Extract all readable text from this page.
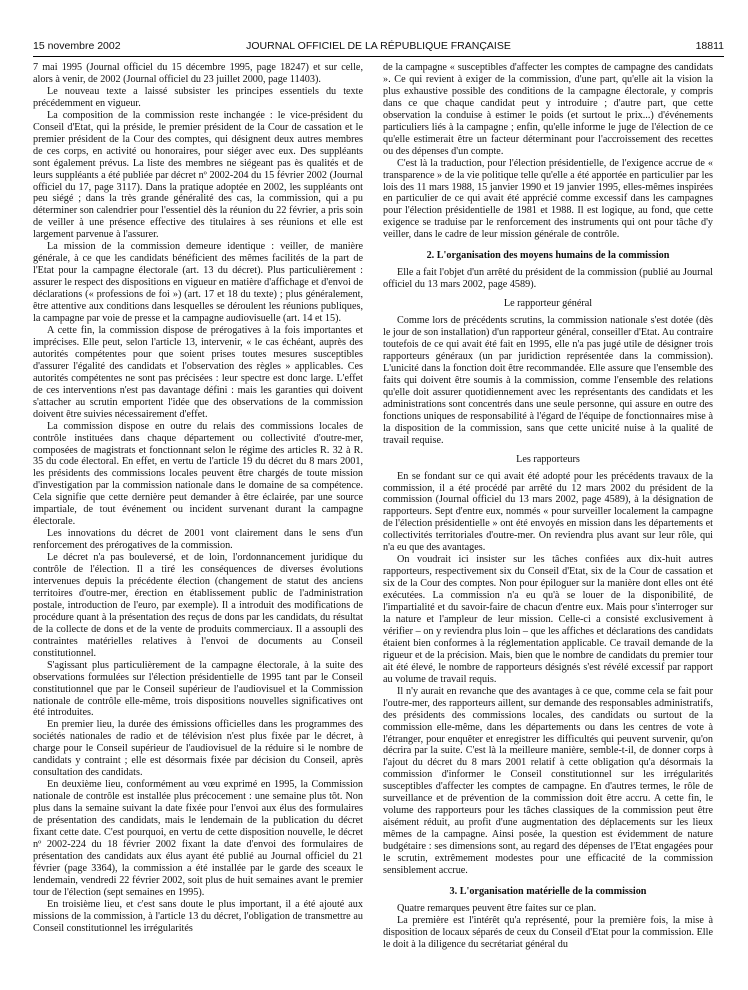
15 novembre 2002	JOURNAL OFFICIEL DE LA RÉPUBLIQUE FRANÇAISE	18811

7 mai 1995 (Journal officiel du 15 décembre 1995, page 18247) et sur celle, alors à venir, de 2002 (Journal officiel du 23 juillet 2000, page 11403).

Le nouveau texte a laissé subsister les principes essentiels du texte précédemment en vigueur.

La composition de la commission reste inchangée : le vice-président du Conseil d'Etat, qui la préside, le premier président de la Cour de cassation et le premier président de la Cour des comptes, qui désignent deux autres membres de ces corps, en activité ou honoraires, pour siéger avec eux. Des suppléants sont également prévus. La liste des membres ne siégeant pas ès qualités et de leurs suppléants a été publiée par décret nº 2002-204 du 15 février 2002 (Journal officiel du 17, page 3117). Dans la pratique adoptée en 2002, les suppléants ont peu siégé ; dans la très grande généralité des cas, la commission, qui a pu déterminer son calendrier pour l'essentiel dès la réunion du 22 février, a pris soin de veiller à une présence effective des titulaires à ses réunions et elle est largement parvenue à l'assurer.

La mission de la commission demeure identique : veiller, de manière générale, à ce que les candidats bénéficient des mêmes facilités de la part de l'Etat pour la campagne électorale (art. 13 du décret). Plus particulièrement : assurer le respect des dispositions en vigueur en matière d'affichage et d'envoi de déclarations (« professions de foi ») (art. 17 et 18 du texte) ; plus généralement, être attentive aux conditions dans lesquelles se déroulent les réunions publiques, la campagne par voie de presse et la campagne audiovisuelle (art. 14 et 15).

A cette fin, la commission dispose de prérogatives à la fois importantes et imprécises. Elle peut, selon l'article 13, intervenir, « le cas échéant, auprès des autorités compétentes pour que soient prises toutes mesures susceptibles d'assurer l'égalité des candidats et l'observation des règles » applicables. Ces autorités compétentes ne sont pas précisées : leur spectre est donc large. L'effet de ces interventions n'est pas davantage défini : mais les garanties qui doivent s'attacher au scrutin emportent l'idée que des observations de la commission doivent être suivies nécessairement d'effet.

La commission dispose en outre du relais des commissions locales de contrôle instituées dans chaque département ou collectivité d'outre-mer, composées de magistrats et fonctionnant selon le régime des articles R. 32 à R. 35 du code électoral. En effet, en vertu de l'article 19 du décret du 8 mars 2001, les présidents des commissions locales peuvent être chargés de toute mission d'investigation par la commission nationale dans le domaine de sa compétence. Cela signifie que cette dernière peut demander à être éclairée, par une source impartiale, de tout événement ou incident survenant durant la campagne électorale.

Les innovations du décret de 2001 vont clairement dans le sens d'un renforcement des prérogatives de la commission.

Le décret n'a pas bouleversé, et de loin, l'ordonnancement juridique du contrôle de l'élection. Il a tiré les conséquences de diverses évolutions intervenues depuis la précédente élection (changement de statut des anciens territoires d'outre-mer, érection en établissement public de l'administration postale, introduction de l'euro, par exemple). Il a introduit des modifications de procédure quant à la présentation des reçus de dons par les candidats, du résultat de la collecte de dons et de la vente de produits commerciaux. Il a assoupli des contraintes matérielles relatives à l'envoi de documents au Conseil constitutionnel.

S'agissant plus particulièrement de la campagne électorale, à la suite des observations formulées sur l'élection présidentielle de 1995 tant par le Conseil constitutionnel que par le Conseil supérieur de l'audiovisuel et la Commission nationale de contrôle elle-même, trois dispositions nouvelles significatives ont été introduites.

En premier lieu, la durée des émissions officielles dans les programmes des sociétés nationales de radio et de télévision n'est plus fixée par le décret, à charge pour le Conseil supérieur de l'audiovisuel de la réduire si le nombre de candidats y contraint ; elle est désormais fixée par décision du Conseil, après consultation des candidats.

En deuxième lieu, conformément au vœu exprimé en 1995, la Commission nationale de contrôle est installée plus précocement : une semaine plus tôt. Non plus dans la semaine suivant la date fixée pour l'envoi aux élus des formulaires de présentation des candidats, mais le lendemain de la publication du décret fixant cette date. C'est pourquoi, en vertu de cette disposition nouvelle, le décret nº 2002-224 du 18 février 2002 fixant la date d'envoi des formulaires de présentation des candidats aux élus ayant été publié au Journal officiel du 21 février (page 3364), la commission a été installée par le garde des sceaux le lendemain, vendredi 22 février 2002, soit plus de huit semaines avant le premier tour de l'élection (sept semaines en 1995).

En troisième lieu, et c'est sans doute le plus important, il a été ajouté aux missions de la commission, à l'article 13 du décret, l'obligation de transmettre au Conseil constitutionnel les irrégularités

de la campagne « susceptibles d'affecter les comptes de campagne des candidats ». Ce qui revient à exiger de la commission, d'une part, qu'elle ait la vision la plus exhaustive possible des conditions de la campagne électorale, y compris dans ce que chaque candidat peut y introduire ; d'autre part, que cette observation la conduise à estimer le poids (et surtout le prix...) d'événements particuliers liés à la campagne ; enfin, qu'elle informe le juge de l'élection de ce qu'elle estimerait être un facteur déterminant pour l'accroissement des recettes ou des dépenses d'un compte.

C'est là la traduction, pour l'élection présidentielle, de l'exigence accrue de « transparence » de la vie politique telle qu'elle a été apportée en particulier par les lois des 11 mars 1988, 15 janvier 1990 et 19 janvier 1995, elles-mêmes inspirées en particulier de ce qui avait été apprécié comme excessif dans les campagnes pour l'élection présidentielle de 1981 et 1988. Il est logique, au fond, que cette exigence se traduise par le renforcement des instruments qui ont pour tâche d'y veiller, dans le cadre de leur mission générale de contrôle.

2. L'organisation des moyens humains de la commission

Elle a fait l'objet d'un arrêté du président de la commission (publié au Journal officiel du 13 mars 2002, page 4589).

Le rapporteur général

Comme lors de précédents scrutins, la commission nationale s'est dotée (dès le jour de son installation) d'un rapporteur général, conseiller d'Etat. Au contraire toutefois de ce qui avait été fait en 1995, elle n'a pas jugé utile de désigner trois rapporteurs généraux (un par juridiction représentée dans la commission). L'unicité dans la fonction doit être recommandée. Elle assure que l'ensemble des faits qui doivent être soumis à la commission, comme l'ensemble des relations qu'elle doit assurer quotidiennement avec les représentants des candidats et les administrations sont concentrés dans une seule personne, qui assure en outre des fonctions uniques de responsabilité à l'égard de l'équipe de fonctionnaires mise à la disposition de la commission, sans que cette unicité nuise à la qualité de travail requise.

Les rapporteurs

En se fondant sur ce qui avait été adopté pour les précédents travaux de la commission, il a été procédé par arrêté du 12 mars 2002 du président de la commission (Journal officiel du 13 mars 2002, page 4589), à la désignation de rapporteurs. Sept d'entre eux, nommés « pour surveiller localement la campagne de l'élection présidentielle » ont été envoyés en mission dans les départements et collectivités territoriales d'outre-mer. On reviendra plus avant sur leur rôle, qui n'a eu que des avantages.

On voudrait ici insister sur les tâches confiées aux dix-huit autres rapporteurs, respectivement six du Conseil d'Etat, six de la Cour de cassation et six de la Cour des comptes. Non pour épiloguer sur la manière dont elles ont été exécutées. La commission n'a eu qu'à se louer de la disponibilité, de l'impartialité et du savoir-faire de chacun d'entre eux. Mais pour s'interroger sur la nature et l'ampleur de leur mission. Celle-ci a consisté exclusivement à vérifier – on y reviendra plus loin – que les affiches et déclarations des candidats étaient bien conformes à la réglementation applicable. Ce travail demande de la rigueur et de la précision. Mais, bien que le nombre de candidats du premier tour ait été élevé, le nombre de rapporteurs désignés s'est révélé excessif par rapport au volume de travail requis.

Il n'y aurait en revanche que des avantages à ce que, comme cela se fait pour l'outre-mer, des rapporteurs aillent, sur demande des responsables administratifs, des présidents des commissions locales, des candidats ou surtout de la commission elle-même, dans les départements ou dans les centres de vote à l'étranger, pour enquêter et enregistrer les difficultés qui peuvent survenir, qu'on décrira par la suite. C'est là la meilleure manière, semble-t-il, de donner corps à l'ajout du décret du 8 mars 2001 relatif à cette obligation qu'a désormais la commission d'informer le Conseil constitutionnel sur les irrégularités susceptibles d'affecter les comptes de campagne. En d'autres termes, le rôle de surveillance et de prévention de la commission doit être accru. A cette fin, le volume des rapporteurs pour les tâches classiques de la commission peut être aisément réduit, au profit d'une augmentation des déplacements sur les lieux mêmes de la campagne. Ainsi posée, la question est évidemment de nature budgétaire : ses dimensions sont, au regard des dépenses de l'Etat engagées pour le scrutin, extrêmement modestes pour une efficacité de la commission sensiblement accrue.

3. L'organisation matérielle de la commission

Quatre remarques peuvent être faites sur ce plan.

La première est l'intérêt qu'a représenté, pour la première fois, la mise à disposition de locaux séparés de ceux du Conseil d'Etat pour la commission. Elle le doit à la diligence du secrétariat général du
